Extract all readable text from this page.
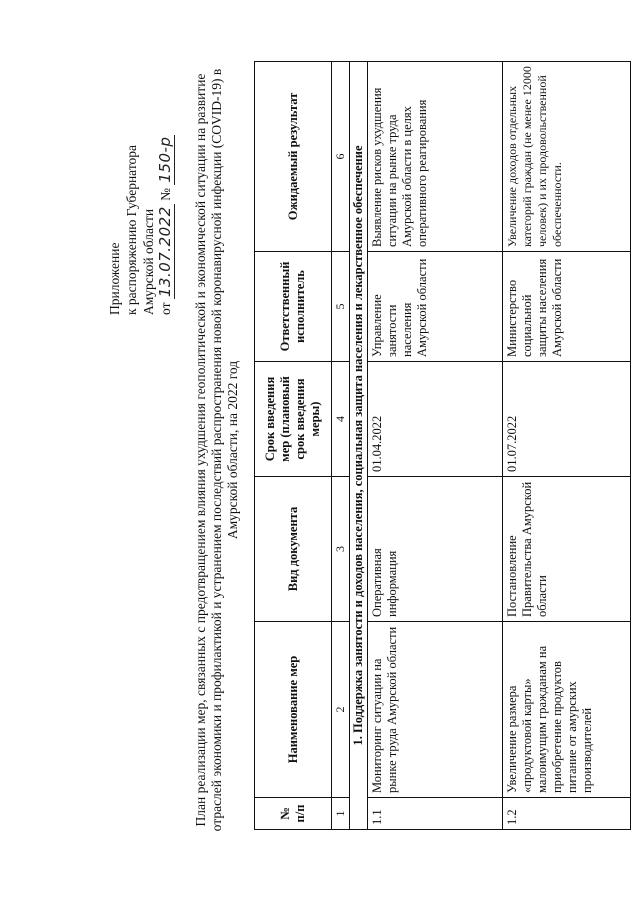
Приложение к распоряжению Губернатора Амурской области от 13.07.2022 № 150-р План реализации мер, связанных с предотвращением влияния ухудшения геополитической и экономической ситуации на развитие отраслей экономики и профилактикой и устранением последствий распространения новой коронавирусной инфекции (COVID-19) в Амурской области, на 2022 год
№ п/п	Наименование мер	Вид документа	Срок введения мер (плановый срок введения меры)	Ответственный исполнитель	Ожидаемый результат
1	2	3	4	5	6
1. Поддержка занятости и доходов населения, социальная защита населения и лекарственное обеспечение					
1.1	Мониторинг ситуации на рынке труда Амурской области	Оперативная информация	01.04.2022	Управление занятости населения Амурской области	Выявление рисков ухудшения ситуации на рынке труда Амурской области в целях оперативного реагирования
1.2	Увеличение размера «продуктовой карты» малоимущим гражданам на приобретение продуктов питание от амурских производителей	Постановление Правительства Амурской области	01.07.2022	Министерство социальной защиты населения Амурской области	Увеличение доходов отдельных категорий граждан (не менее 12000 человек) и их продовольственной обеспеченности.
